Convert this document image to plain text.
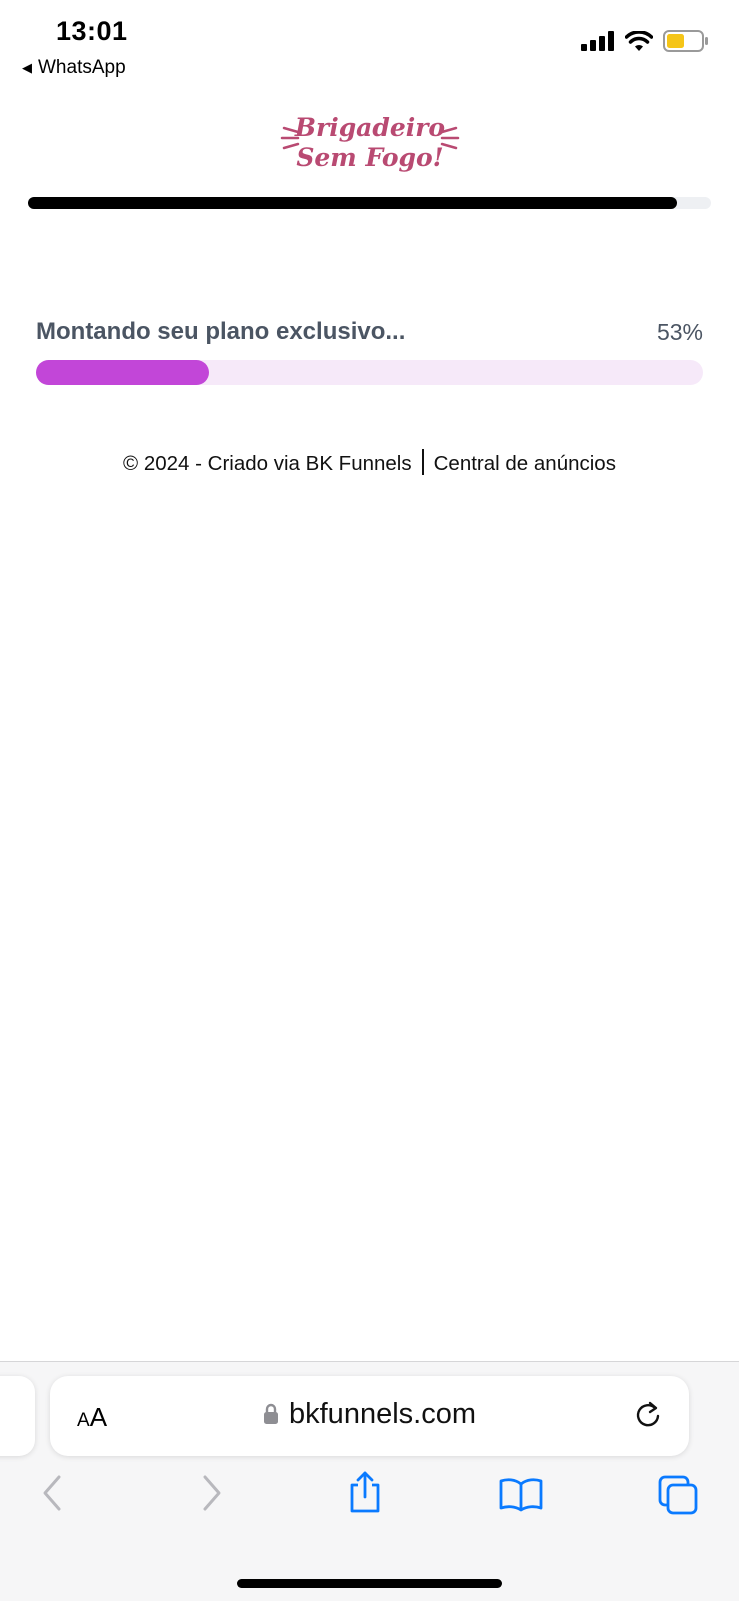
13:01
◀ WhatsApp
Brigadeiro
Sem Fogo!
Montando seu plano exclusivo...	53%
© 2024 - Criado via BK Funnels Central de anúncios
AA	bkfunnels.com
